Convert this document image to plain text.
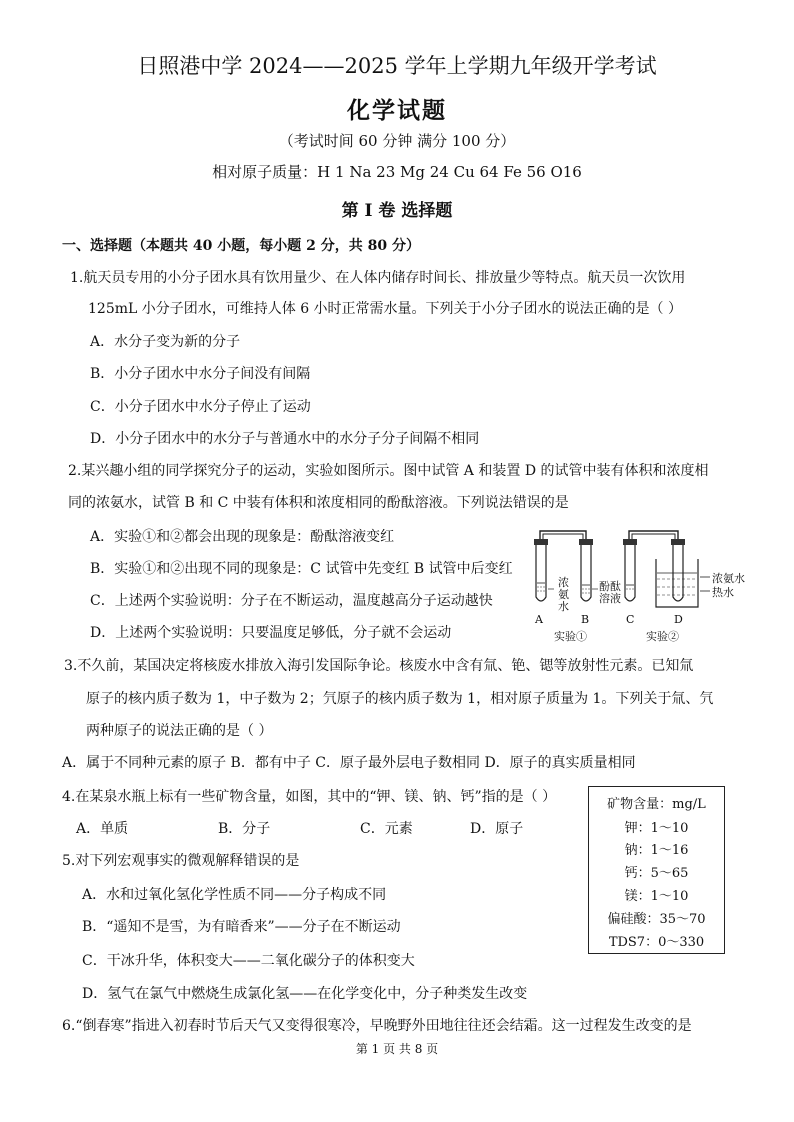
日照港中学 2024——2025 学年上学期九年级开学考试
化学试题
（考试时间 60 分钟 满分 100 分）
相对原子质量：H 1 Na 23 Mg 24 Cu 64 Fe 56 O16
第 I 卷 选择题
一、选择题（本题共 40 小题，每小题 2 分，共 80 分）
1.航天员专用的小分子团水具有饮用量少、在人体内储存时间长、排放量少等特点。航天员一次饮用
125mL 小分子团水，可维持人体 6 小时正常需水量。下列关于小分子团水的说法正确的是（ ）
A．水分子变为新的分子
B．小分子团水中水分子间没有间隔
C．小分子团水中水分子停止了运动
D．小分子团水中的水分子与普通水中的水分子分子间隔不相同
2.某兴趣小组的同学探究分子的运动，实验如图所示。图中试管 A 和装置 D 的试管中装有体积和浓度相
同的浓氨水，试管 B 和 C 中装有体积和浓度相同的酚酞溶液。下列说法错误的是
A．实验①和②都会出现的现象是：酚酞溶液变红
B．实验①和②出现不同的现象是：C 试管中先变红 B 试管中后变红
C．上述两个实验说明：分子在不断运动，温度越高分子运动越快
D．上述两个实验说明：只要温度足够低，分子就不会运动
浓氨水
酚酞溶液
浓氨水
热水
A	B	C	D
实验①	实验②
3.不久前，某国决定将核废水排放入海引发国际争论。核废水中含有氚、铯、锶等放射性元素。已知氚
原子的核内质子数为 1，中子数为 2；氕原子的核内质子数为 1，相对原子质量为 1。下列关于氚、氕
两种原子的说法正确的是（ ）
A．属于不同种元素的原子 B．都有中子 C．原子最外层电子数相同 D．原子的真实质量相同
4.在某泉水瓶上标有一些矿物含量，如图，其中的“钾、镁、钠、钙”指的是（ ）
A．单质	B．分子	C．元素	D．原子
矿物含量：mg/L
钾：1～10
钠：1～16
钙：5～65
镁：1～10
偏硅酸：35～70
TDS7：0～330
5.对下列宏观事实的微观解释错误的是
A．水和过氧化氢化学性质不同——分子构成不同
B．“遥知不是雪，为有暗香来”——分子在不断运动
C．干冰升华，体积变大——二氧化碳分子的体积变大
D．氢气在氯气中燃烧生成氯化氢——在化学变化中，分子种类发生改变
6.“倒春寒”指进入初春时节后天气又变得很寒冷，早晚野外田地往往还会结霜。这一过程发生改变的是
第 1 页 共 8 页
